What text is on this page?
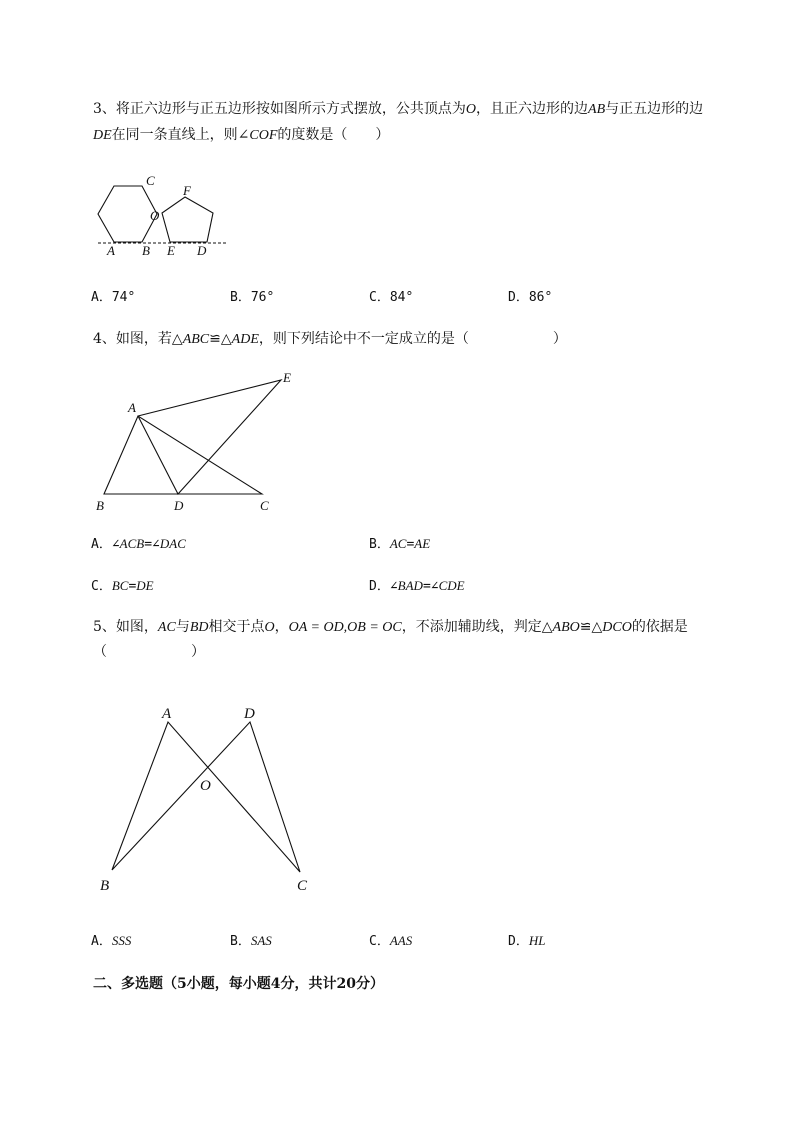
3、将正六边形与正五边形按如图所示方式摆放，公共顶点为O，且正六边形的边AB与正五边形的边
DE在同一条直线上，则∠COF的度数是（　　）
C
O
F
A B E D
A．74°	B．76°	C．84°	D．86°
4、如图，若△ABC≌△ADE，则下列结论中不一定成立的是（　　　　　　）
A
E
B	D	C
A．∠ACB=∠DAC	B．AC=AE
C．BC=DE	D．∠BAD=∠CDE
5、如图，AC与BD相交于点O，OA = OD,OB = OC，不添加辅助线，判定△ABO≌△DCO的依据是
（　　　　　　）
A	D
O
B	C
A．SSS	B．SAS	C．AAS	D．HL
二、多选题（5小题，每小题4分，共计20分）
